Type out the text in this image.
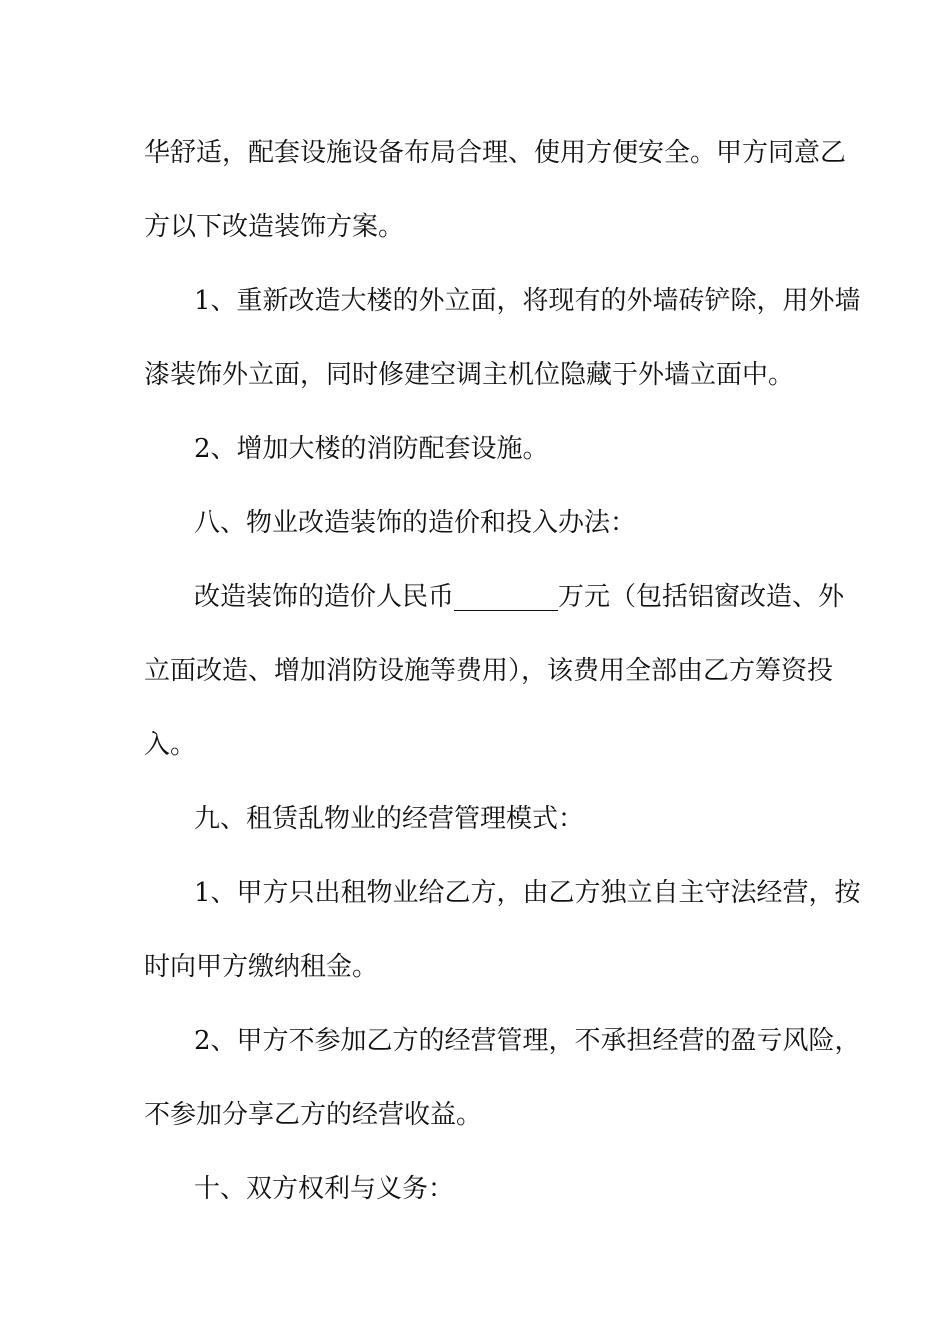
华舒适，配套设施设备布局合理、使用方便安全。甲方同意乙
方以下改造装饰方案。
1、重新改造大楼的外立面，将现有的外墙砖铲除，用外墙
漆装饰外立面，同时修建空调主机位隐藏于外墙立面中。
2、增加大楼的消防配套设施。
八、物业改造装饰的造价和投入办法：
改造装饰的造价人民币________万元（包括铝窗改造、外
立面改造、增加消防设施等费用），该费用全部由乙方筹资投
入。
九、租赁乱物业的经营管理模式：
1、甲方只出租物业给乙方，由乙方独立自主守法经营，按
时向甲方缴纳租金。
2、甲方不参加乙方的经营管理，不承担经营的盈亏风险，
不参加分享乙方的经营收益。
十、双方权利与义务：
